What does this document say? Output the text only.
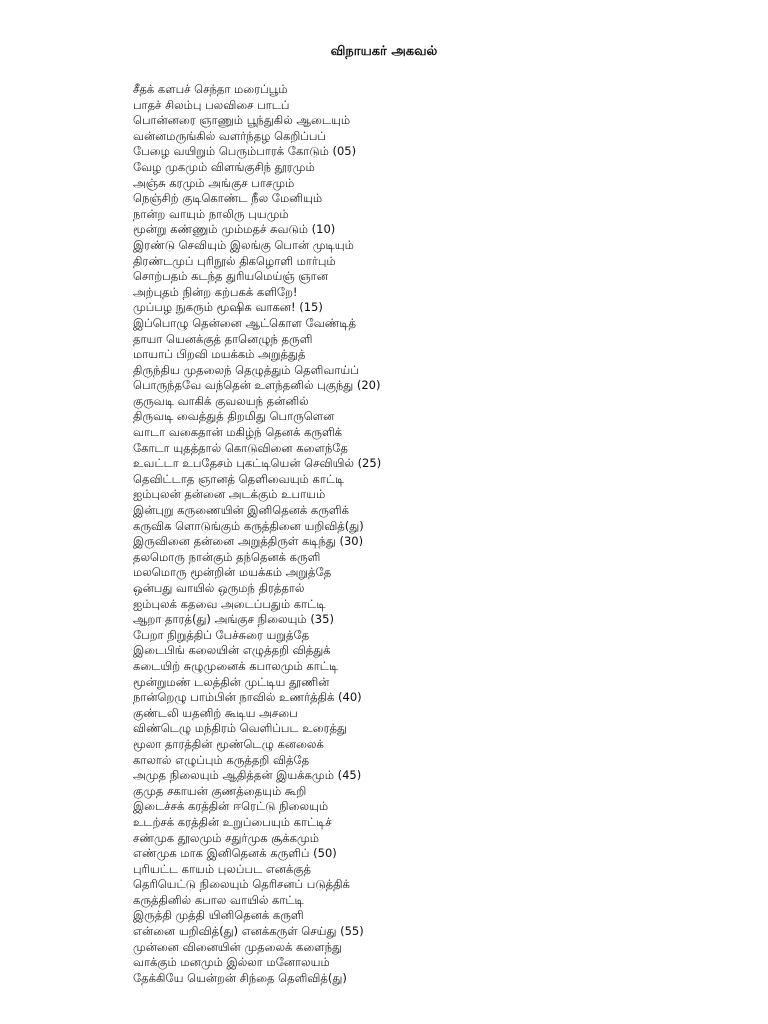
விநாயகர் அகவல்
சீதக் களபச் செந்தா மரைப்பூம்
பாதச் சிலம்பு பலவிசை பாடப்
பொன்னரை ஞாணும் பூந்துகில் ஆடையும்
வன்னமருங்கில் வளர்ந்தழ கெறிப்பப்
பேழை வயிறும் பெரும்பாரக் கோடும் (05)
வேழ முகமும் விளங்குசிந் தூரமும்
அஞ்சு கரமும் அங்குச பாசமும்
நெஞ்சிற் குடிகொண்ட நீல மேனியும்
நான்ற வாயும் நாலிரு புயமும்
மூன்று கண்ணும் மும்மதச் சுவடும் (10)
இரண்டு செவியும் இலங்கு பொன் முடியும்
திரண்டமுப் புரிநூல் திகழொளி மார்பும்
சொற்பதம் கடந்த துரியமெய்ஞ் ஞான
அற்புதம் நின்ற கற்பகக் களிறே!
முப்பழ நுகரும் மூஷிக வாகன! (15)
இப்பொழு தென்னை ஆட்கொள வேண்டித்
தாயா யெனக்குத் தானெழுந் தருளி
மாயாப் பிறவி மயக்கம் அறுத்துத்
திருந்திய முதலைந் தெழுத்தும் தெளிவாய்ப்
பொருந்தவே வந்தென் உளந்தனில் புகுந்து (20)
குருவடி வாகிக் குவலயந் தன்னில்
திருவடி வைத்துத் திறமிது பொருளென
வாடா வகைதான் மகிழ்ந் தெனக் கருளிக்
கோடா யுதத்தால் கொடுவினை களைந்தே
உவட்டா உபதேசம் புகட்டியென் செவியில் (25)
தெவிட்டாத ஞானத் தெளிவையும் காட்டி
ஐம்புலன் தன்னை அடக்கும் உபாயம்
இன்புறு கருணையின் இனிதெனக் கருளிக்
கருவிக ளொடுங்கும் கருத்தினை யறிவித்(து)
இருவினை தன்னை அறுத்திருள் கடிந்து (30)
தலமொரு நான்கும் தந்தெனக் கருளி
மலமொரு மூன்றின் மயக்கம் அறுத்தே
ஒன்பது வாயில் ஒருமந் திரத்தால்
ஐம்புலக் கதவை அடைப்பதும் காட்டி
ஆறா தாரத்(து) அங்குச நிலையும் (35)
பேறா நிறுத்திப் பேச்சுரை யறுத்தே
இடைபிங் கலையின் எழுத்தறி வித்துக்
கடையிற் சுழுமுனைக் கபாலமும் காட்டி
மூன்றுமண் டலத்தின் முட்டிய தூணின்
நான்றெழு பாம்பின் நாவில் உணர்த்திக் (40)
குண்டலி யதனிற் கூடிய அசபை
விண்டெழு மந்திரம் வெளிப்பட உரைத்து
மூலா தாரத்தின் மூண்டெழு கனலைக்
காலால் எழுப்பும் கருத்தறி வித்தே
அமுத நிலையும் ஆதித்தன் இயக்கமும் (45)
குமுத சகாயன் குணத்தையும் கூறி
இடைச்சக் கரத்தின் ஈரெட்டு நிலையும்
உடற்சக் கரத்தின் உறுப்பையும் காட்டிச்
சண்முக தூலமும் சதுர்முக சூக்கமும்
எண்முக மாக இனிதெனக் கருளிப் (50)
புரியட்ட காயம் புலப்பட எனக்குத்
தெரியெட்டு நிலையும் தெரிசனப் படுத்திக்
கருத்தினில் கபால வாயில் காட்டி
இருத்தி முத்தி யினிதெனக் கருளி
என்னை யறிவித்(து) எனக்கருள் செய்து (55)
முன்னை வினையின் முதலைக் களைந்து
வாக்கும் மனமும் இல்லா மனோலயம்
தேக்கியே யென்றன் சிந்தை தெளிவித்(து)
